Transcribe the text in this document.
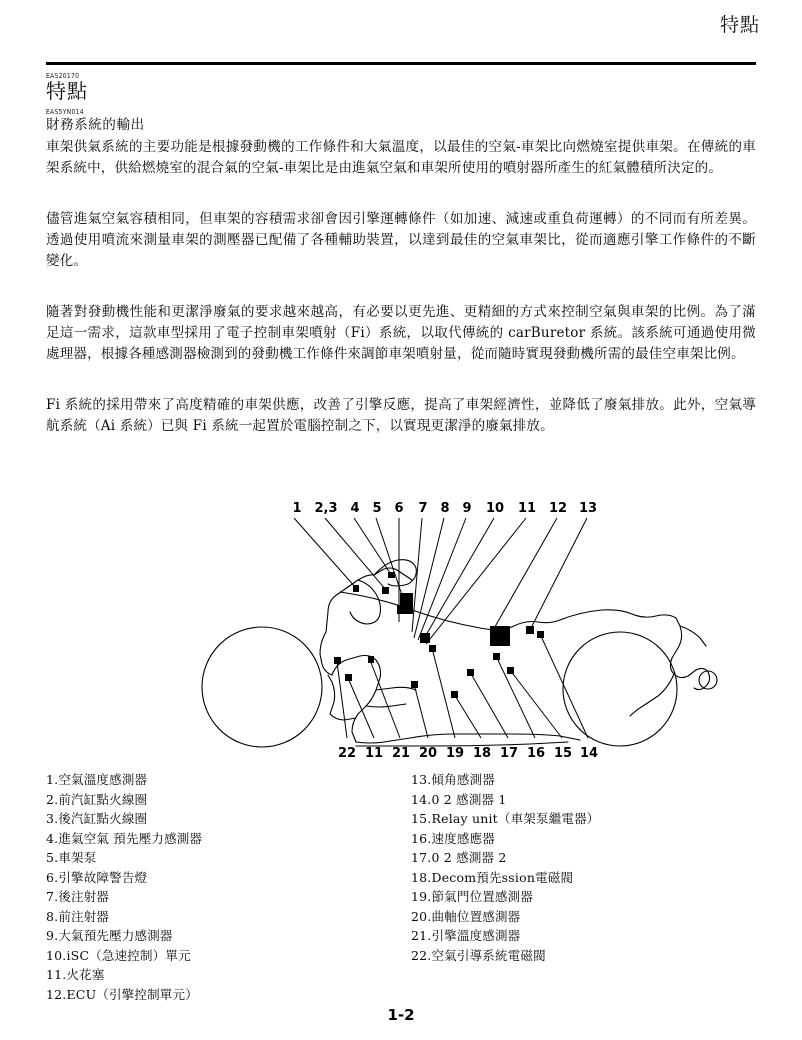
特點
EAS20170
特點
EAS5YN014
財務系統的輸出

車架供氣系統的主要功能是根據發動機的工作條件和大氣溫度，以最佳的空氣-車架比向燃燒室提供車架。在傳統的車架系統中，供給燃燒室的混合氣的空氣-車架比是由進氣空氣和車架所使用的噴射器所產生的紅氣體積所決定的。

儘管進氣空氣容積相同，但車架的容積需求卻會因引擎運轉條件（如加速、減速或重負荷運轉）的不同而有所差異。透過使用噴流來測量車架的測壓器已配備了各種輔助裝置，以達到最佳的空氣車架比，從而適應引擎工作條件的不斷變化。

隨著對發動機性能和更潔淨廢氣的要求越來越高，有必要以更先進、更精細的方式來控制空氣與車架的比例。為了滿足這一需求，這款車型採用了電子控制車架噴射（Fi）系統，以取代傳統的 carBuretor 系統。該系統可通過使用微處理器，根據各種感測器檢測到的發動機工作條件來調節車架噴射量，從而隨時實現發動機所需的最佳空車架比例。

Fi 系統的採用帶來了高度精確的車架供應，改善了引擎反應，提高了車架經濟性，並降低了廢氣排放。此外，空氣導航系統（Ai 系統）已與 Fi 系統一起置於電腦控制之下，以實現更潔淨的廢氣排放。

1 2,3 4 5 6 7 8 9 10 11 12 13
22 11 21 20 19 18 17 16 15 14
1.空氣溫度感測器
2.前汽缸點火線圈
3.後汽缸點火線圈
4.進氣空氣 預先壓力感測器
5.車架泵
6.引擎故障警告燈
7.後注射器
8.前注射器
9.大氣預先壓力感測器
10.iSC（急速控制）單元
11.火花塞
12.ECU（引擎控制單元）
13.傾角感測器
14.0 2 感測器 1
15.Relay unit（車架泵繼電器）
16.速度感應器
17.0 2 感測器 2
18.Decom預先ssion電磁閥
19.節氣門位置感測器
20.曲軸位置感測器
21.引擎溫度感測器
22.空氣引導系統電磁閥
1-2
